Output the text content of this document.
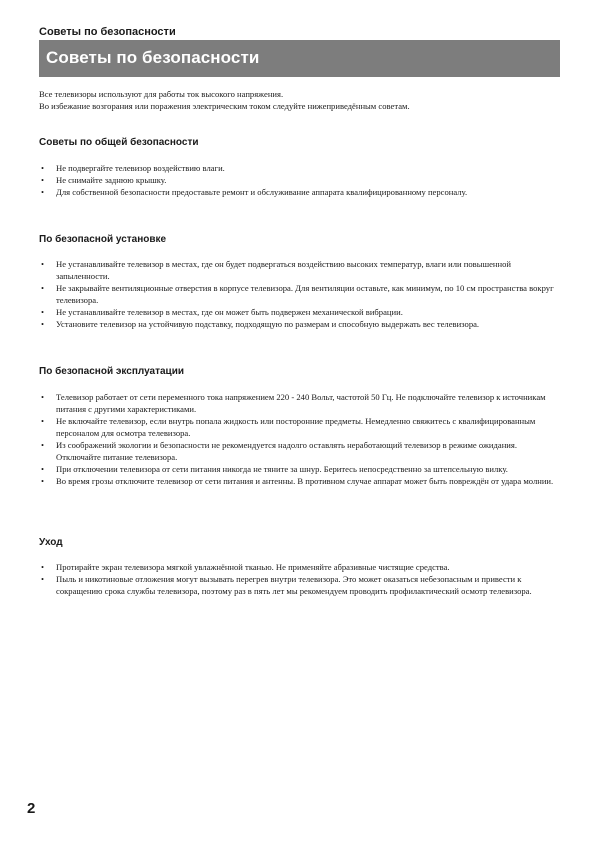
Советы по безопасности
Советы по безопасности
Все телевизоры используют для работы ток высокого напряжения.
Во избежание возгорания или поражения электрическим током следуйте нижеприведённым советам.
Советы по общей безопасности
• Не подвергайте телевизор воздействию влаги.
• Не снимайте заднюю крышку.
• Для собственной безопасности предоставьте ремонт и обслуживание аппарата квалифицированному персоналу.
По безопасной установке
• Не устанавливайте телевизор в местах, где он будет подвергаться воздействию высоких температур, влаги или повышенной запыленности.
• Не закрывайте вентиляционные отверстия в корпусе телевизора. Для вентиляции оставьте, как минимум, по 10 см пространства вокруг телевизора.
• Не устанавливайте телевизор в местах, где он может быть подвержен механической вибрации.
• Установите телевизор на устойчивую подставку, подходящую по размерам и способную выдержать вес телевизора.
По безопасной эксплуатации
• Телевизор работает от сети переменного тока напряжением 220 - 240 Вольт, частотой 50 Гц. Не подключайте телевизор к источникам питания с другими характеристиками.
• Не включайте телевизор, если внутрь попала жидкость или посторонние предметы. Немедленно свяжитесь с квалифицированным персоналом для осмотра телевизора.
• Из соображений экологии и безопасности не рекомендуется надолго оставлять неработающий телевизор в режиме ожидания. Отключайте питание телевизора.
• При отключении телевизора от сети питания никогда не тяните за шнур. Беритесь непосредственно за штепсельную вилку.
• Во время грозы отключите телевизор от сети питания и антенны. В противном случае аппарат может быть повреждён от удара молнии.
Уход
• Протирайте экран телевизора мягкой увлажнённой тканью. Не применяйте абразивные чистящие средства.
• Пыль и никотиновые отложения могут вызывать перегрев внутри телевизора. Это может оказаться небезопасным и привести к сокращению срока службы телевизора, поэтому раз в пять лет мы рекомендуем проводить профилактический осмотр телевизора.
2
